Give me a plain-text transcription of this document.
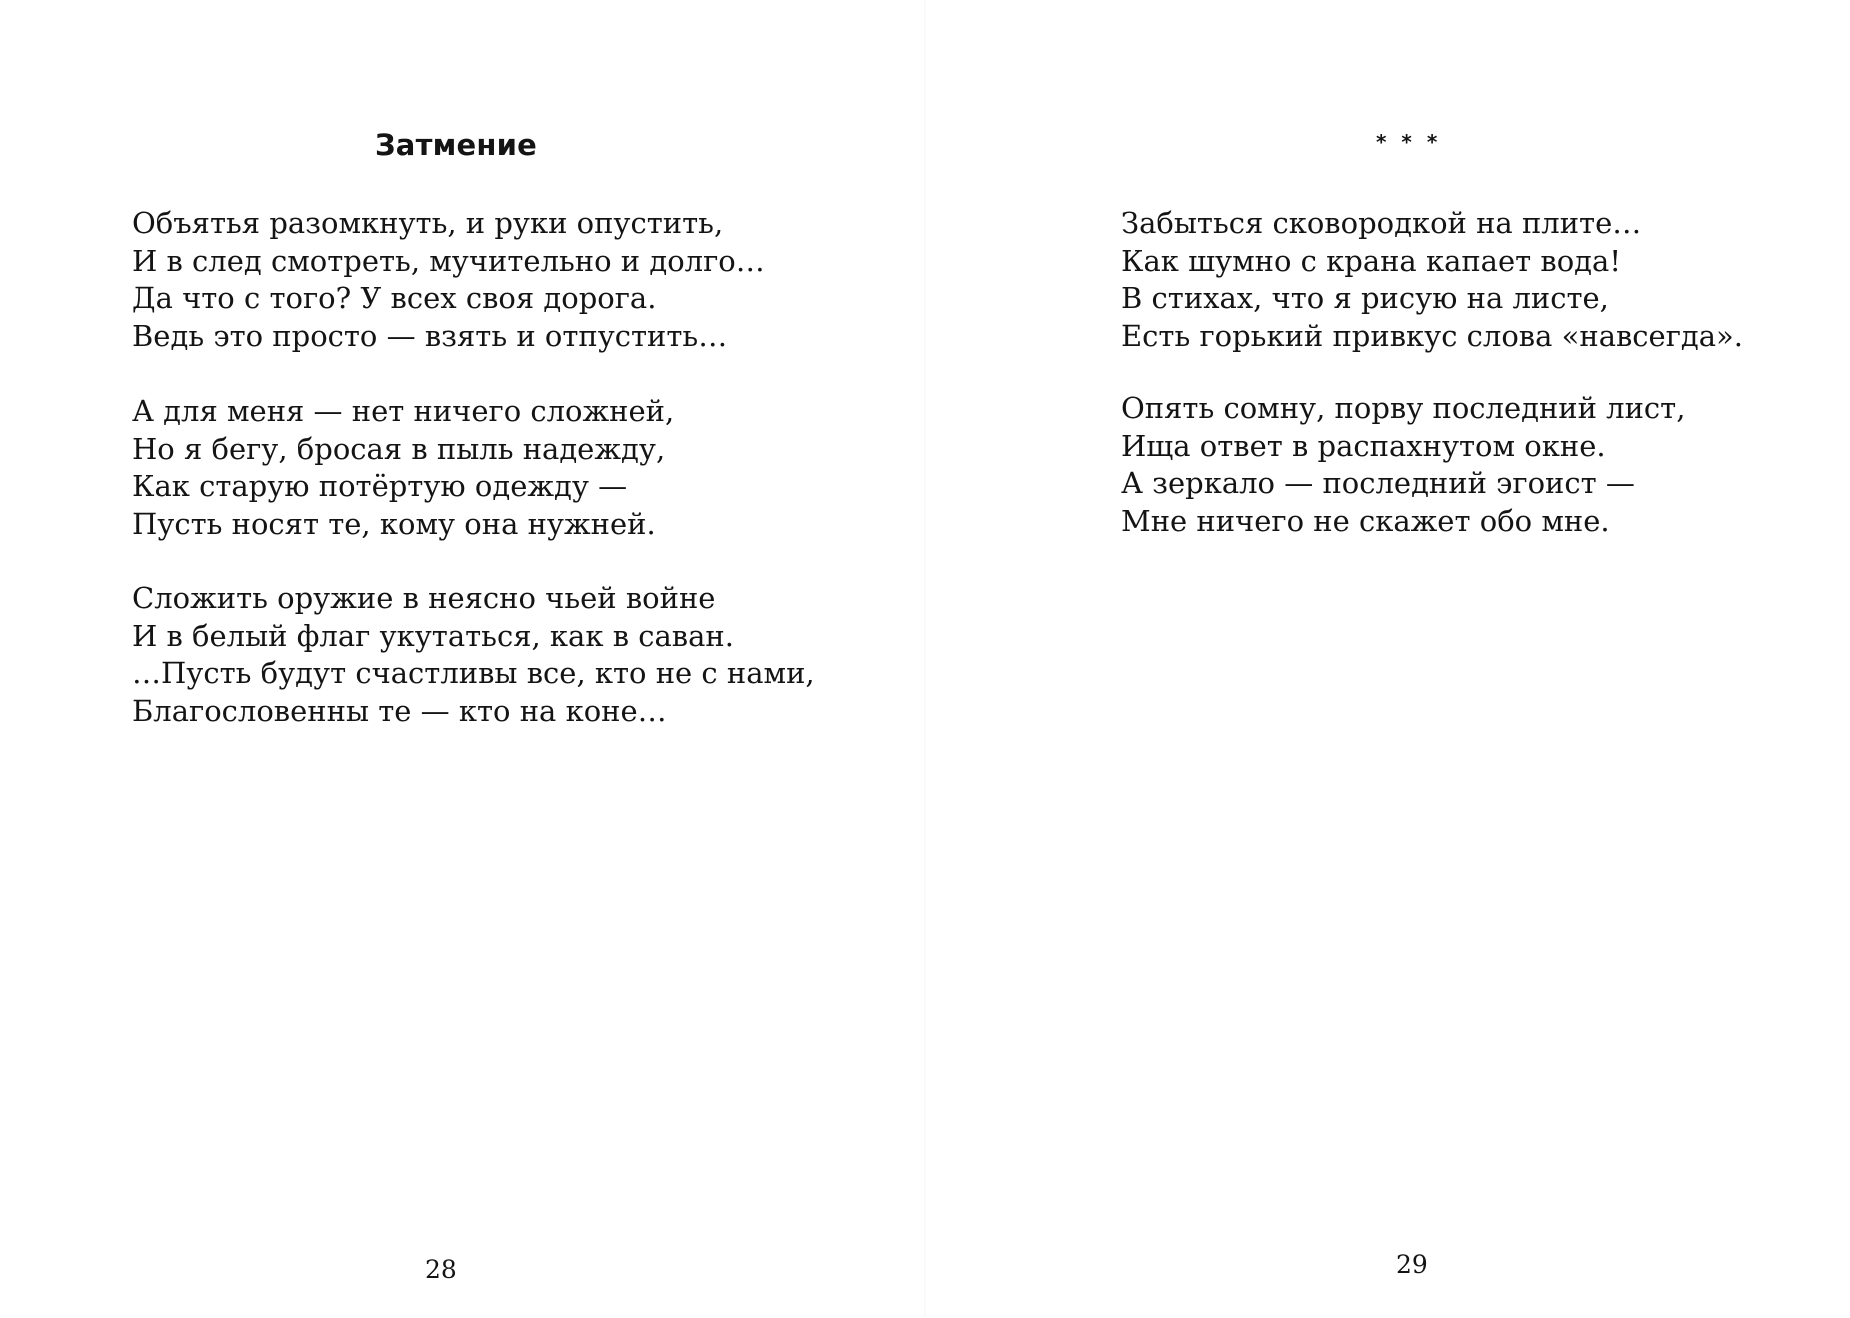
Затмение
Объятья разомкнуть, и руки опустить,
И в след смотреть, мучительно и долго…
Да что с того? У всех своя дорога.
Ведь это просто — взять и отпустить…
А для меня — нет ничего сложней,
Но я бегу, бросая в пыль надежду,
Как старую потёртую одежду —
Пусть носят те, кому она нужней.
Сложить оружие в неясно чьей войне
И в белый флаг укутаться, как в саван.
…Пусть будут счастливы все, кто не с нами,
Благословенны те — кто на коне…
28
* * *
Забыться сковородкой на плите…
Как шумно с крана капает вода!
В стихах, что я рисую на листе,
Есть горький привкус слова «навсегда».
Опять сомну, порву последний лист,
Ища ответ в распахнутом окне.
А зеркало — последний эгоист —
Мне ничего не скажет обо мне.
29
